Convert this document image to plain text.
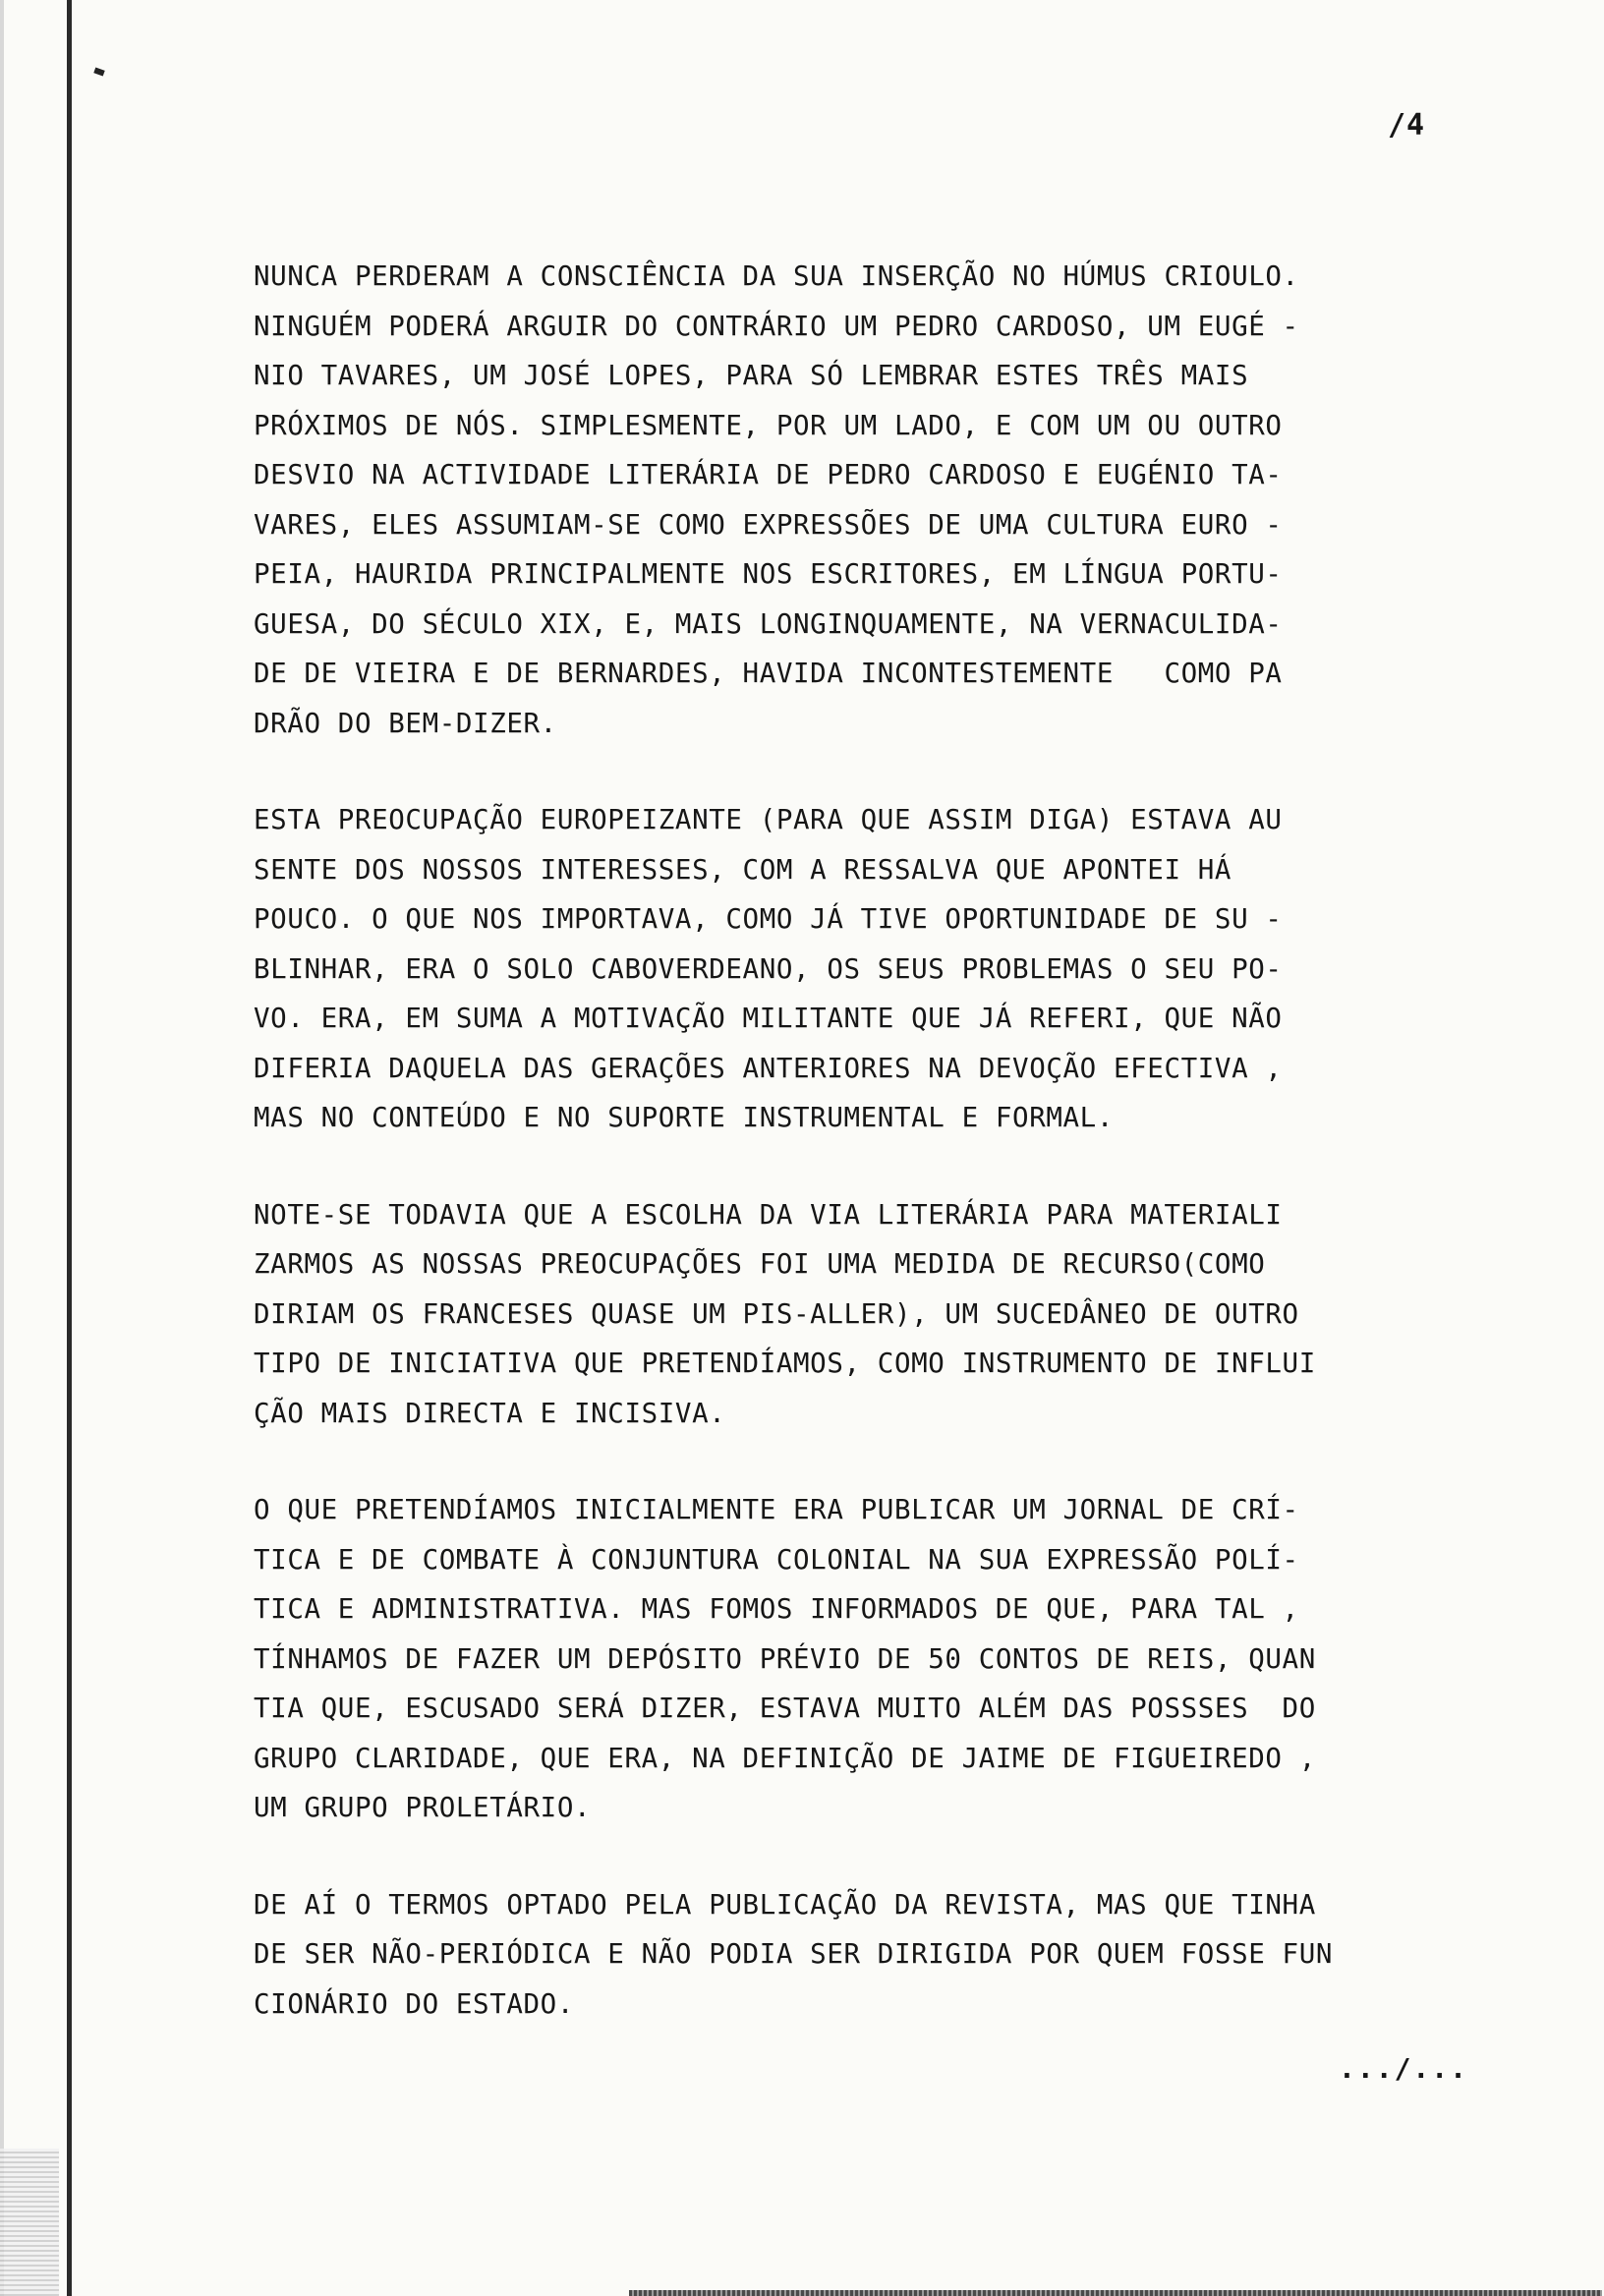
/4
NUNCA PERDERAM A CONSCIÊNCIA DA SUA INSERÇÃO NO HÚMUS CRIOULO.
NINGUÉM PODERÁ ARGUIR DO CONTRÁRIO UM PEDRO CARDOSO, UM EUGÉ -
NIO TAVARES, UM JOSÉ LOPES, PARA SÓ LEMBRAR ESTES TRÊS MAIS
PRÓXIMOS DE NÓS. SIMPLESMENTE, POR UM LADO, E COM UM OU OUTRO
DESVIO NA ACTIVIDADE LITERÁRIA DE PEDRO CARDOSO E EUGÉNIO TA-
VARES, ELES ASSUMIAM-SE COMO EXPRESSÕES DE UMA CULTURA EURO -
PEIA, HAURIDA PRINCIPALMENTE NOS ESCRITORES, EM LÍNGUA PORTU-
GUESA, DO SÉCULO XIX, E, MAIS LONGINQUAMENTE, NA VERNACULIDA-
DE DE VIEIRA E DE BERNARDES, HAVIDA INCONTESTEMENTE   COMO PA
DRÃO DO BEM-DIZER.
ESTA PREOCUPAÇÃO EUROPEIZANTE (PARA QUE ASSIM DIGA) ESTAVA AU
SENTE DOS NOSSOS INTERESSES, COM A RESSALVA QUE APONTEI HÁ
POUCO. O QUE NOS IMPORTAVA, COMO JÁ TIVE OPORTUNIDADE DE SU -
BLINHAR, ERA O SOLO CABOVERDEANO, OS SEUS PROBLEMAS O SEU PO-
VO. ERA, EM SUMA A MOTIVAÇÃO MILITANTE QUE JÁ REFERI, QUE NÃO
DIFERIA DAQUELA DAS GERAÇÕES ANTERIORES NA DEVOÇÃO EFECTIVA ,
MAS NO CONTEÚDO E NO SUPORTE INSTRUMENTAL E FORMAL.
NOTE-SE TODAVIA QUE A ESCOLHA DA VIA LITERÁRIA PARA MATERIALI
ZARMOS AS NOSSAS PREOCUPAÇÕES FOI UMA MEDIDA DE RECURSO(COMO
DIRIAM OS FRANCESES QUASE UM PIS-ALLER), UM SUCEDÂNEO DE OUTRO
TIPO DE INICIATIVA QUE PRETENDÍAMOS, COMO INSTRUMENTO DE INFLUI
ÇÃO MAIS DIRECTA E INCISIVA.
O QUE PRETENDÍAMOS INICIALMENTE ERA PUBLICAR UM JORNAL DE CRÍ-
TICA E DE COMBATE À CONJUNTURA COLONIAL NA SUA EXPRESSÃO POLÍ-
TICA E ADMINISTRATIVA. MAS FOMOS INFORMADOS DE QUE, PARA TAL ,
TÍNHAMOS DE FAZER UM DEPÓSITO PRÉVIO DE 50 CONTOS DE REIS, QUAN
TIA QUE, ESCUSADO SERÁ DIZER, ESTAVA MUITO ALÉM DAS POSSSES  DO
GRUPO CLARIDADE, QUE ERA, NA DEFINIÇÃO DE JAIME DE FIGUEIREDO ,
UM GRUPO PROLETÁRIO.
DE AÍ O TERMOS OPTADO PELA PUBLICAÇÃO DA REVISTA, MAS QUE TINHA
DE SER NÃO-PERIÓDICA E NÃO PODIA SER DIRIGIDA POR QUEM FOSSE FUN
CIONÁRIO DO ESTADO.
.../...
